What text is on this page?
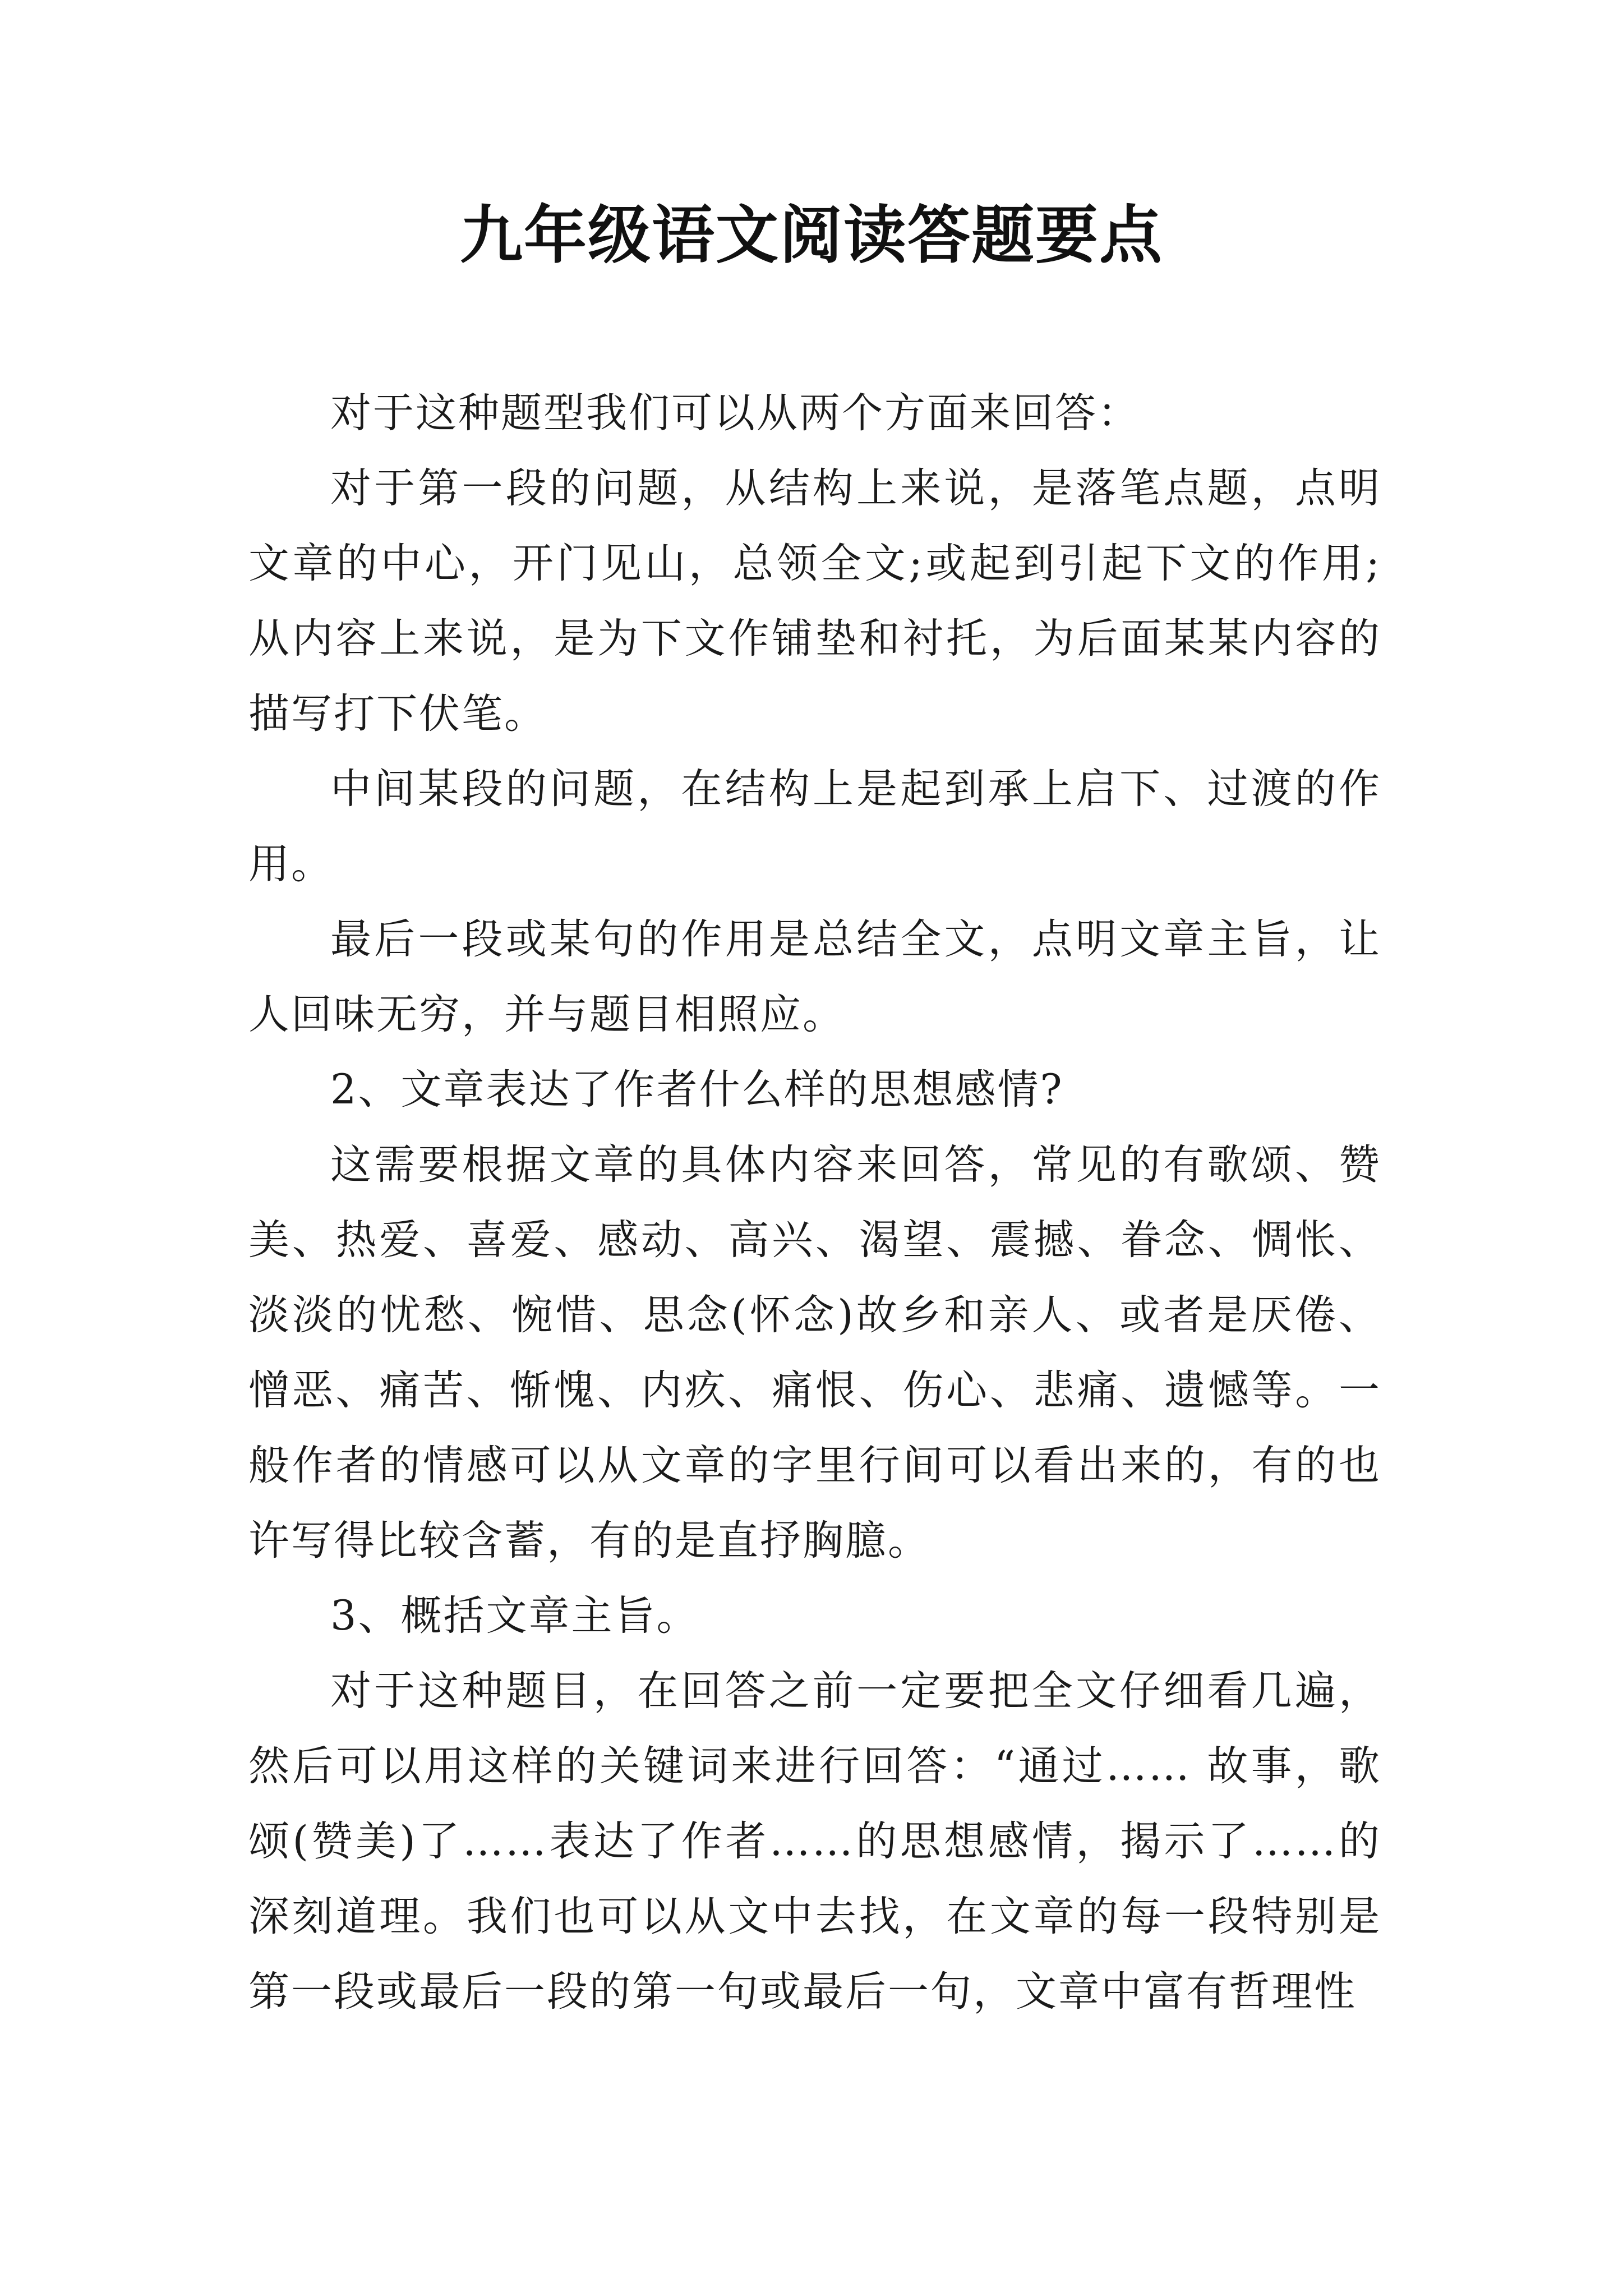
九年级语文阅读答题要点

对于这种题型我们可以从两个方面来回答：

对于第一段的问题，从结构上来说，是落笔点题，点明文章的中心，开门见山，总领全文;或起到引起下文的作用;从内容上来说，是为下文作铺垫和衬托，为后面某某内容的描写打下伏笔。

中间某段的问题，在结构上是起到承上启下、过渡的作用。

最后一段或某句的作用是总结全文，点明文章主旨，让人回味无穷，并与题目相照应。

2、文章表达了作者什么样的思想感情?

这需要根据文章的具体内容来回答，常见的有歌颂、赞美、热爱、喜爱、感动、高兴、渴望、震撼、眷念、惆怅、淡淡的忧愁、惋惜、思念(怀念)故乡和亲人、或者是厌倦、憎恶、痛苦、惭愧、内疚、痛恨、伤心、悲痛、遗憾等。一般作者的情感可以从文章的字里行间可以看出来的，有的也许写得比较含蓄，有的是直抒胸臆。

3、概括文章主旨。

对于这种题目，在回答之前一定要把全文仔细看几遍，然后可以用这样的关键词来进行回答：“通过…… 故事，歌颂(赞美)了……表达了作者……的思想感情，揭示了……的深刻道理。我们也可以从文中去找，在文章的每一段特别是第一段或最后一段的第一句或最后一句，文章中富有哲理性
